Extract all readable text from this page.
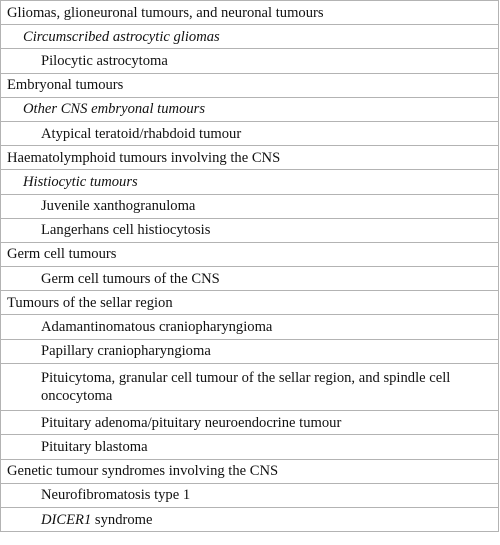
Gliomas, glioneuronal tumours, and neuronal tumours
Circumscribed astrocytic gliomas
Pilocytic astrocytoma
Embryonal tumours
Other CNS embryonal tumours
Atypical teratoid/rhabdoid tumour
Haematolymphoid tumours involving the CNS
Histiocytic tumours
Juvenile xanthogranuloma
Langerhans cell histiocytosis
Germ cell tumours
Germ cell tumours of the CNS
Tumours of the sellar region
Adamantinomatous craniopharyngioma
Papillary craniopharyngioma
Pituicytoma, granular cell tumour of the sellar region, and spindle cell oncocytoma
Pituitary adenoma/pituitary neuroendocrine tumour
Pituitary blastoma
Genetic tumour syndromes involving the CNS
Neurofibromatosis type 1
DICER1 syndrome
